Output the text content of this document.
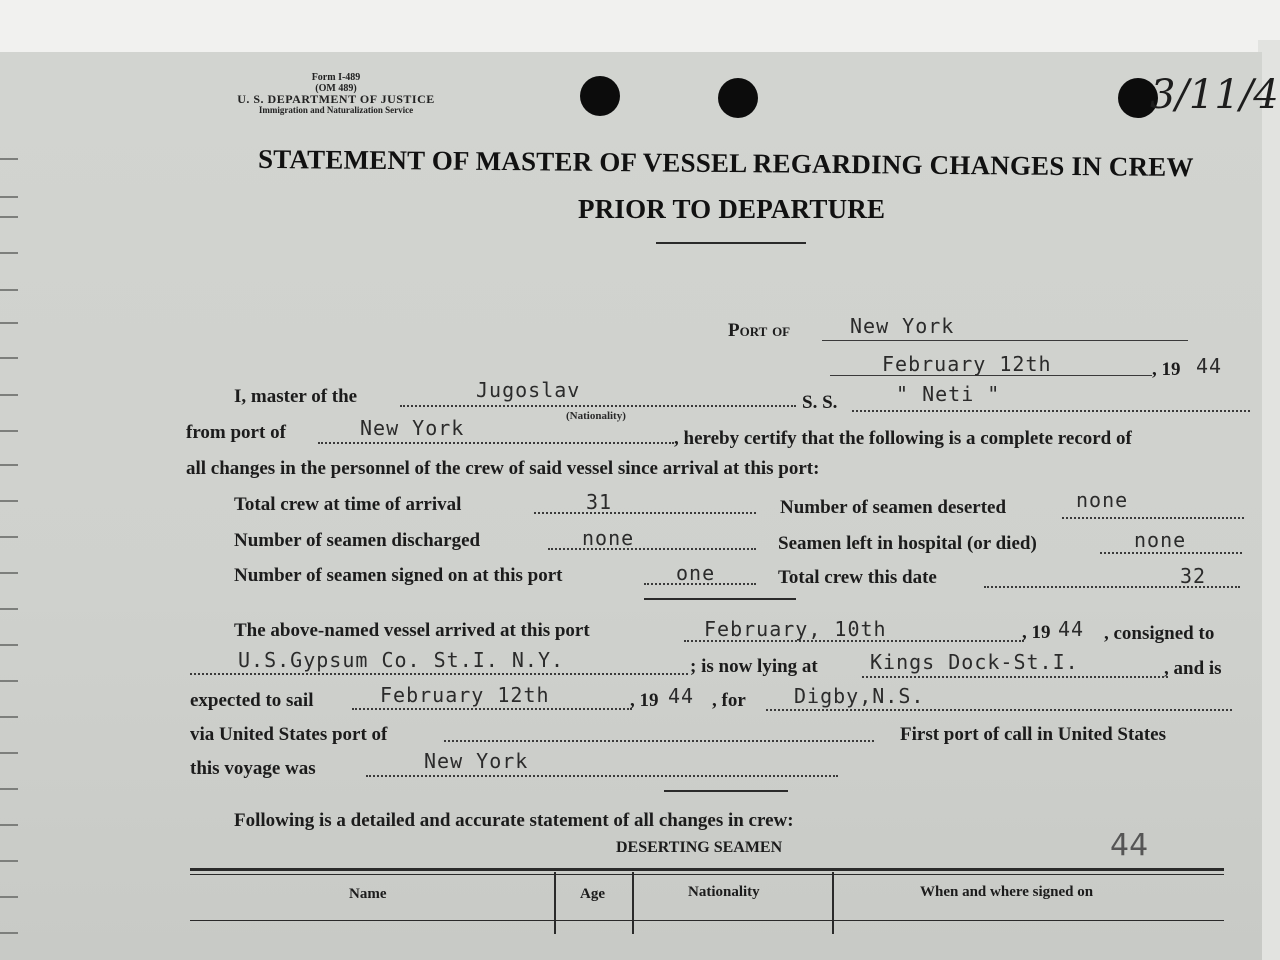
Form I-489
(OM 489)
U. S. DEPARTMENT OF JUSTICE
Immigration and Naturalization Service	3/11/4
STATEMENT OF MASTER OF VESSEL REGARDING CHANGES IN CREW
PRIOR TO DEPARTURE
Port of	New York
February 12th	, 19 44
I, master of the	Jugoslav
(Nationality)
S. S.	" Neti "
from port of	New York	, hereby certify that the following is a complete record of
all changes in the personnel of the crew of said vessel since arrival at this port:
Total crew at time of arrival	31	Number of seamen deserted	none
Number of seamen discharged	none	Seamen left in hospital (or died)	none
Number of seamen signed on at this port	one	Total crew this date	32
The above-named vessel arrived at this port	February, 10th	, 19 44 , consigned to
U.S.Gypsum Co. St.I. N.Y.	; is now lying at	Kings Dock-St.I.	, and is
expected to sail	February 12th	, 19 44 , for Digby,N.S.
via United States port of	First port of call in United States
this voyage was	New York
Following is a detailed and accurate statement of all changes in crew:
DESERTING SEAMEN	44
Name	Age	Nationality	When and where signed on
